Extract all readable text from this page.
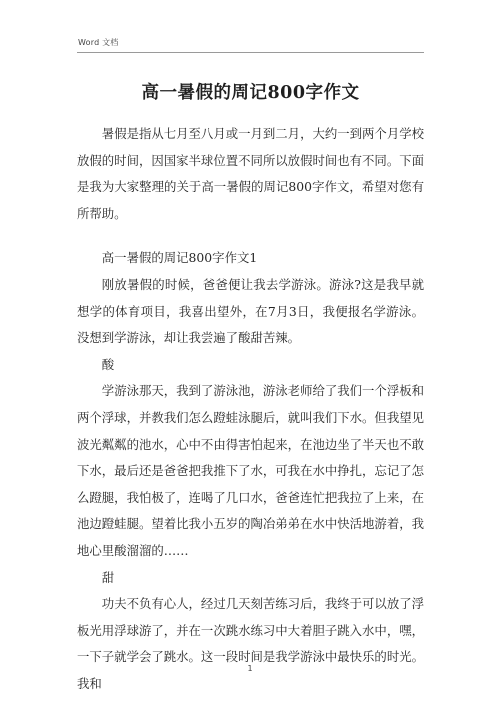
Word 文档
高一暑假的周记800字作文

暑假是指从七月至八月或一月到二月，大约一到两个月学校放假的时间，因国家半球位置不同所以放假时间也有不同。下面是我为大家整理的关于高一暑假的周记800字作文，希望对您有所帮助。

高一暑假的周记800字作文1

刚放暑假的时候，爸爸便让我去学游泳。游泳?这是我早就想学的体育项目，我喜出望外，在7月3日，我便报名学游泳。没想到学游泳，却让我尝遍了酸甜苦辣。

酸

学游泳那天，我到了游泳池，游泳老师给了我们一个浮板和两个浮球，并教我们怎么蹬蛙泳腿后，就叫我们下水。但我望见波光粼粼的池水，心中不由得害怕起来，在池边坐了半天也不敢下水，最后还是爸爸把我推下了水，可我在水中挣扎，忘记了怎么蹬腿，我怕极了，连喝了几口水，爸爸连忙把我拉了上来，在池边蹬蛙腿。望着比我小五岁的陶冶弟弟在水中快活地游着，我地心里酸溜溜的……

甜

功夫不负有心人，经过几天刻苦练习后，我终于可以放了浮板光用浮球游了，并在一次跳水练习中大着胆子跳入水中，嘿，一下子就学会了跳水。这一段时间是我学游泳中最快乐的时光。我和

1
